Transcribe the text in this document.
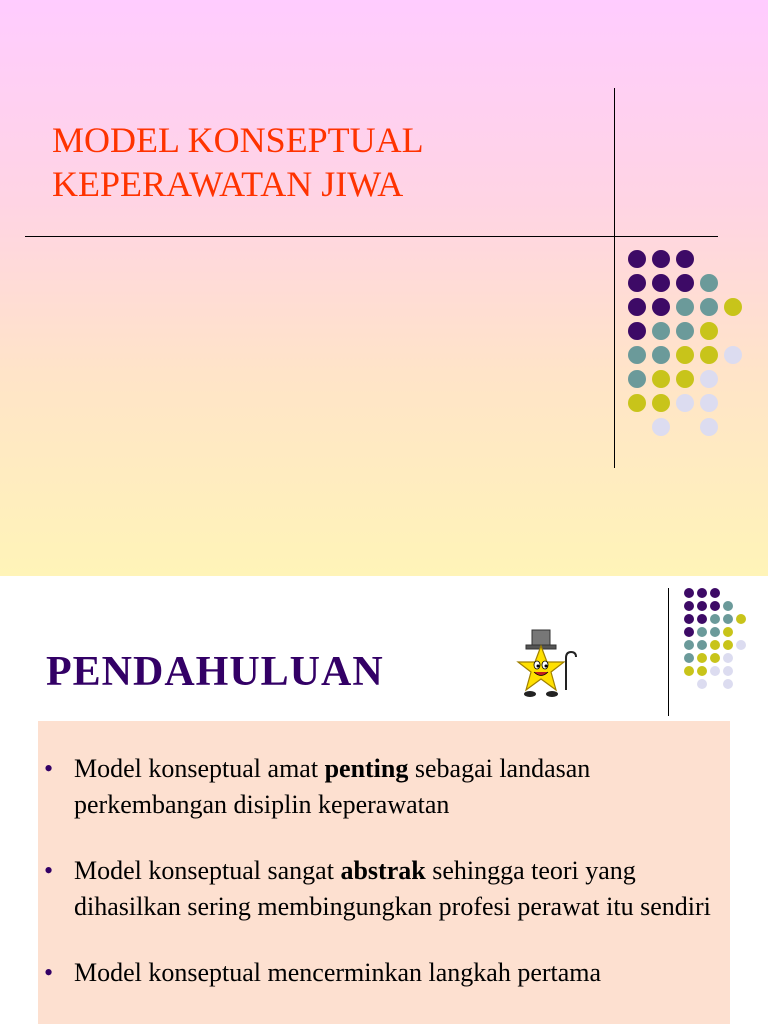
MODEL KONSEPTUAL
KEPERAWATAN JIWA
PENDAHULUAN
• Model konseptual amat penting sebagai landasan perkembangan disiplin keperawatan
• Model konseptual sangat abstrak sehingga teori yang dihasilkan sering membingungkan profesi perawat itu sendiri
• Model konseptual mencerminkan langkah pertama
